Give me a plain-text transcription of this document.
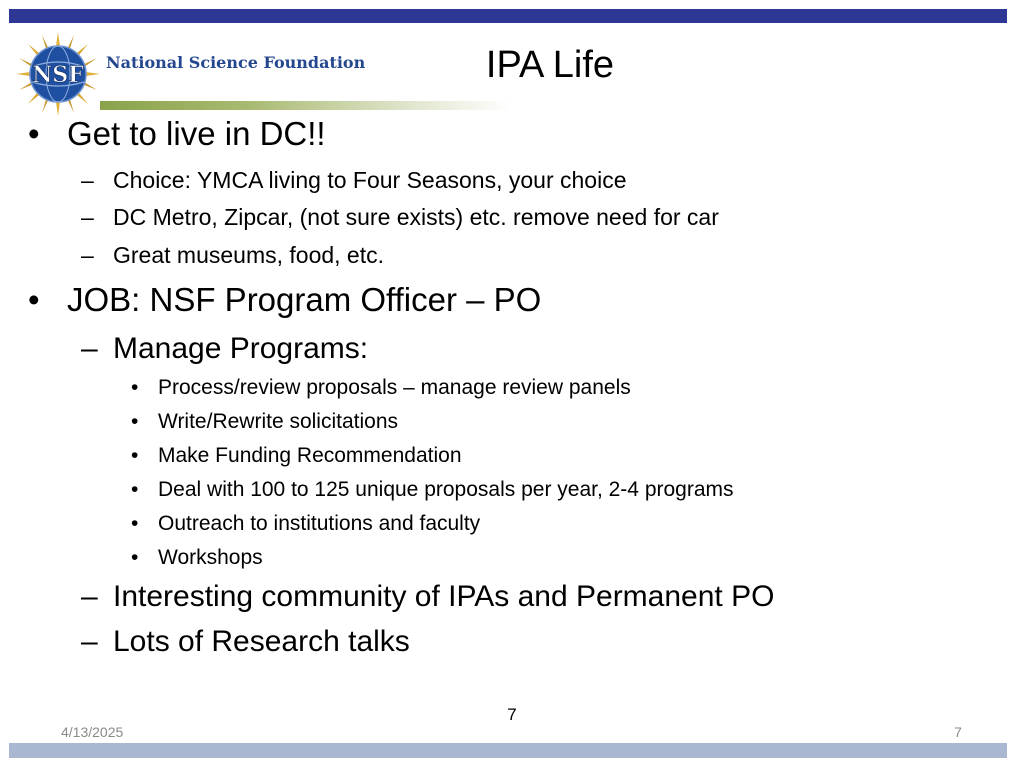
NSF National Science Foundation	IPA Life
• Get to live in DC!!
– Choice: YMCA living to Four Seasons, your choice
– DC Metro, Zipcar, (not sure exists) etc. remove need for car
– Great museums, food, etc.
• JOB: NSF Program Officer – PO
– Manage Programs:
• Process/review proposals – manage review panels
• Write/Rewrite solicitations
• Make Funding Recommendation
• Deal with 100 to 125 unique proposals per year, 2-4 programs
• Outreach to institutions and faculty
• Workshops
– Interesting community of IPAs and Permanent PO
– Lots of Research talks
7
4/13/2025	7
